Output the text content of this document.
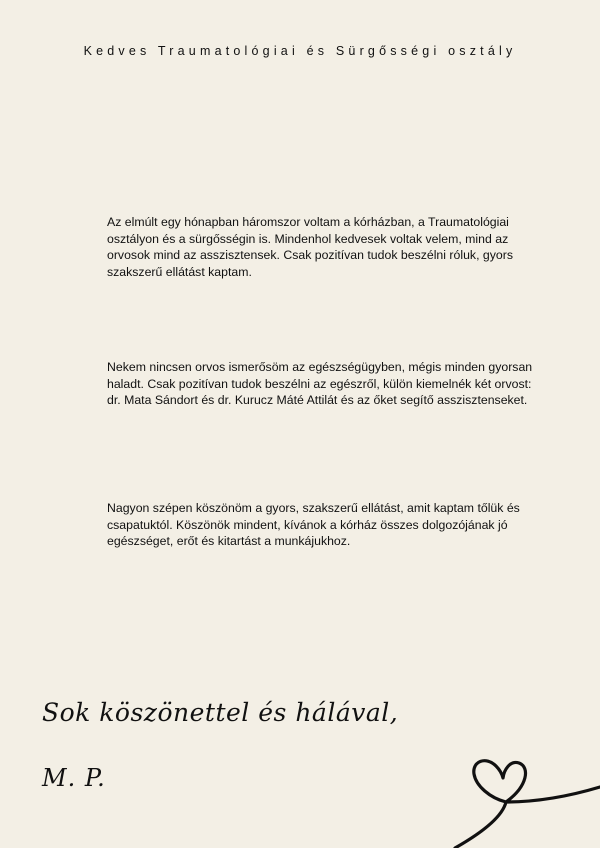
Kedves Traumatológiai és Sürgősségi osztály

Az elmúlt egy hónapban háromszor voltam a kórházban, a Traumatológiai osztályon és a sürgősségin is. Mindenhol kedvesek voltak velem, mind az orvosok mind az asszisztensek. Csak pozitívan tudok beszélni róluk, gyors szakszerű ellátást kaptam.

Nekem nincsen orvos ismerősöm az egészségügyben, mégis minden gyorsan haladt. Csak pozitívan tudok beszélni az egészről, külön kiemelnék két orvost: dr. Mata Sándort és dr. Kurucz Máté Attilát és az őket segítő asszisztenseket.

Nagyon szépen köszönöm a gyors, szakszerű ellátást, amit kaptam tőlük és csapatuktól. Köszönök mindent, kívánok a kórház összes dolgozójának jó egészséget, erőt és kitartást a munkájukhoz.

Sok köszönettel és hálával,
M. P.
